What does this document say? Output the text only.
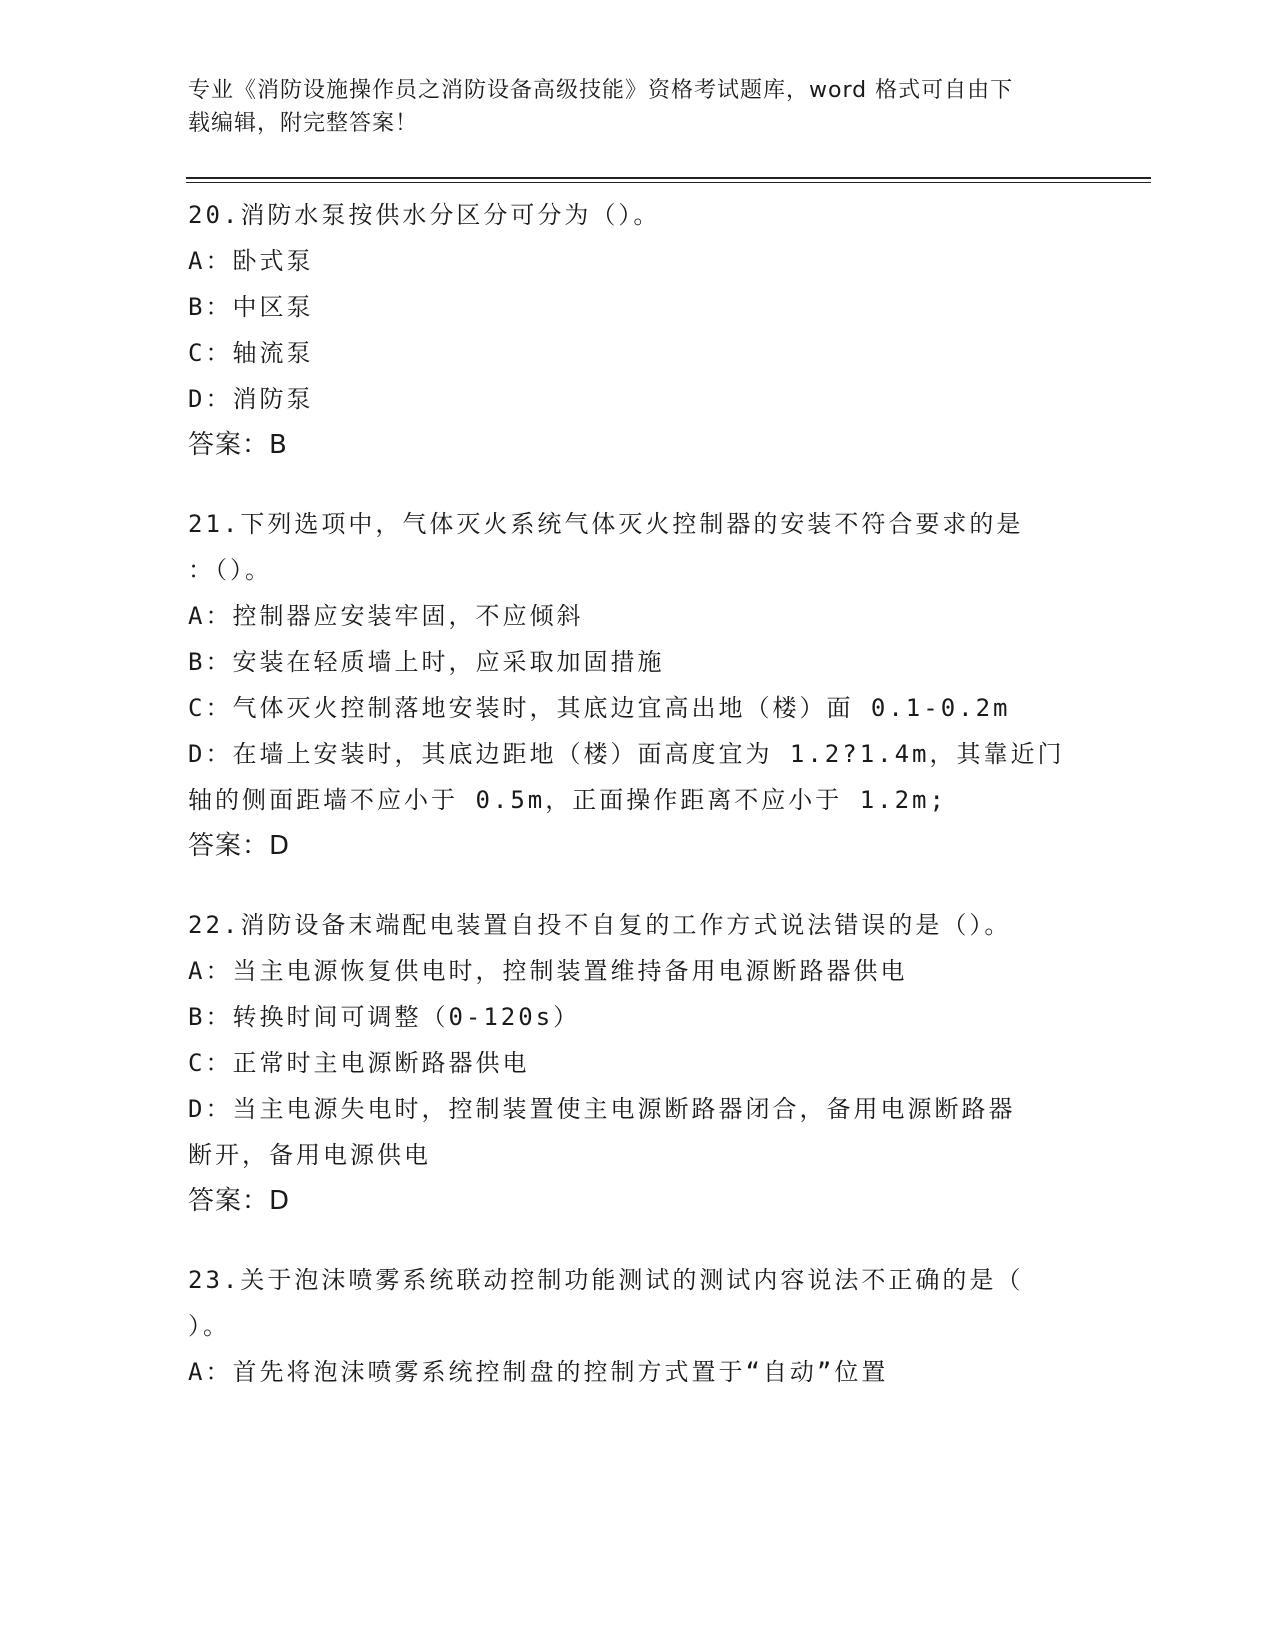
专业《消防设施操作员之消防设备高级技能》资格考试题库，word 格式可自由下
载编辑，附完整答案！

20.消防水泵按供水分区分可分为（）。

A：卧式泵

B：中区泵

C：轴流泵

D：消防泵

答案：B

21.下列选项中，气体灭火系统气体灭火控制器的安装不符合要求的是

：（）。

A：控制器应安装牢固，不应倾斜

B：安装在轻质墙上时，应采取加固措施

C：气体灭火控制落地安装时，其底边宜高出地（楼）面 0.1-0.2m

D：在墙上安装时，其底边距地（楼）面高度宜为 1.2?1.4m，其靠近门

轴的侧面距墙不应小于 0.5m，正面操作距离不应小于 1.2m;

答案：D

22.消防设备末端配电装置自投不自复的工作方式说法错误的是（）。

A：当主电源恢复供电时，控制装置维持备用电源断路器供电

B：转换时间可调整（0-120s）

C：正常时主电源断路器供电

D：当主电源失电时，控制装置使主电源断路器闭合，备用电源断路器

断开，备用电源供电

答案：D

23.关于泡沫喷雾系统联动控制功能测试的测试内容说法不正确的是（

）。

A：首先将泡沫喷雾系统控制盘的控制方式置于“自动”位置
